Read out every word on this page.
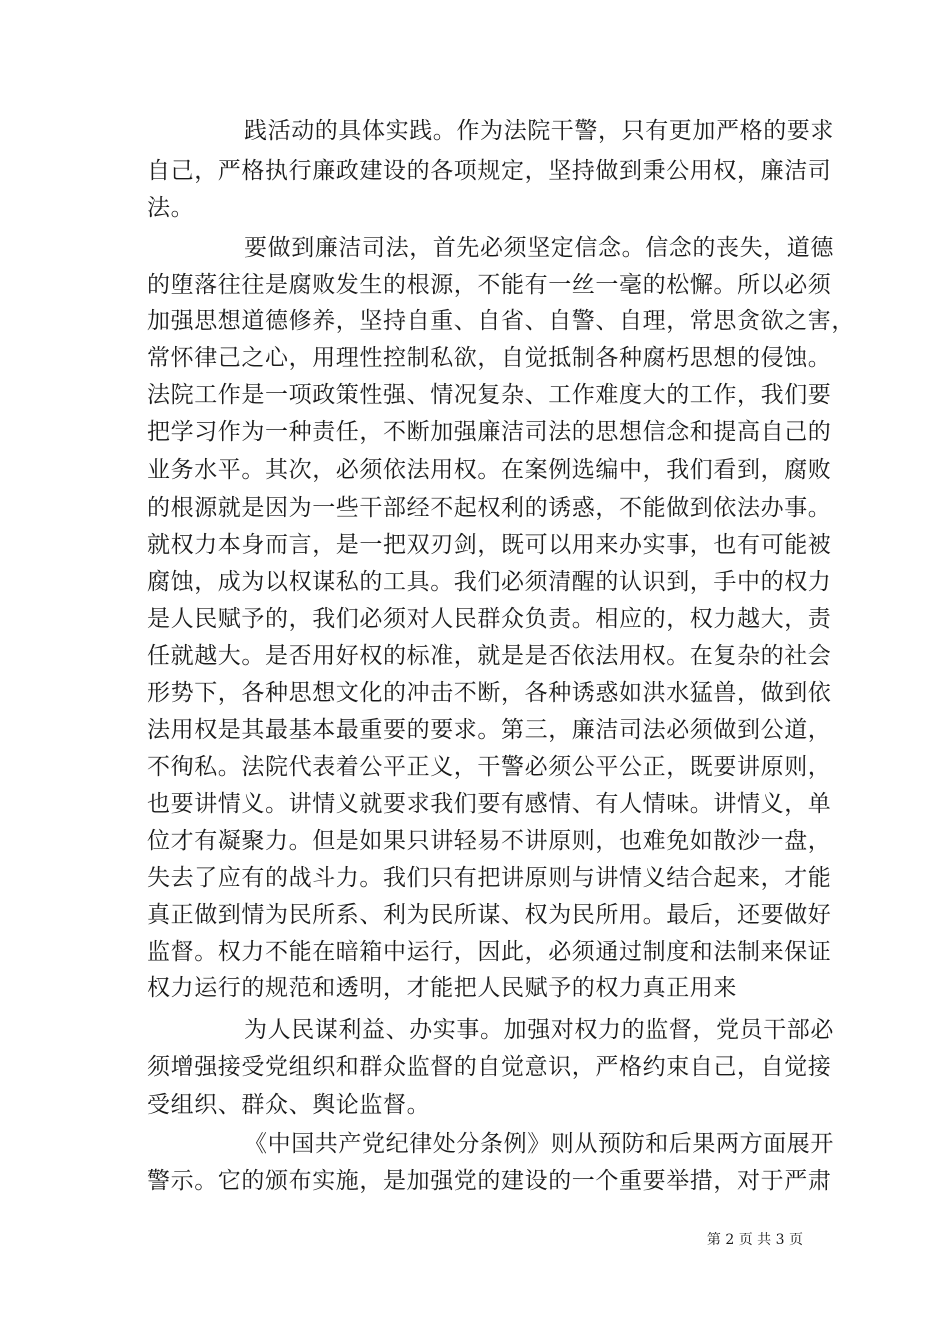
践活动的具体实践。作为法院干警，只有更加严格的要求
自己，严格执行廉政建设的各项规定，坚持做到秉公用权，廉洁司
法。
要做到廉洁司法，首先必须坚定信念。信念的丧失，道德
的堕落往往是腐败发生的根源，不能有一丝一毫的松懈。所以必须
加强思想道德修养，坚持自重、自省、自警、自理，常思贪欲之害，
常怀律己之心，用理性控制私欲，自觉抵制各种腐朽思想的侵蚀。
法院工作是一项政策性强、情况复杂、工作难度大的工作，我们要
把学习作为一种责任，不断加强廉洁司法的思想信念和提高自己的
业务水平。其次，必须依法用权。在案例选编中，我们看到，腐败
的根源就是因为一些干部经不起权利的诱惑，不能做到依法办事。
就权力本身而言，是一把双刃剑，既可以用来办实事，也有可能被
腐蚀，成为以权谋私的工具。我们必须清醒的认识到，手中的权力
是人民赋予的，我们必须对人民群众负责。相应的，权力越大，责
任就越大。是否用好权的标准，就是是否依法用权。在复杂的社会
形势下，各种思想文化的冲击不断，各种诱惑如洪水猛兽，做到依
法用权是其最基本最重要的要求。第三，廉洁司法必须做到公道，
不徇私。法院代表着公平正义，干警必须公平公正，既要讲原则，
也要讲情义。讲情义就要求我们要有感情、有人情味。讲情义，单
位才有凝聚力。但是如果只讲轻易不讲原则，也难免如散沙一盘，
失去了应有的战斗力。我们只有把讲原则与讲情义结合起来，才能
真正做到情为民所系、利为民所谋、权为民所用。最后，还要做好
监督。权力不能在暗箱中运行，因此，必须通过制度和法制来保证
权力运行的规范和透明，才能把人民赋予的权力真正用来
为人民谋利益、办实事。加强对权力的监督，党员干部必
须增强接受党组织和群众监督的自觉意识，严格约束自己，自觉接
受组织、群众、舆论监督。
《中国共产党纪律处分条例》则从预防和后果两方面展开
警示。它的颁布实施，是加强党的建设的一个重要举措，对于严肃
第 2 页 共 3 页
